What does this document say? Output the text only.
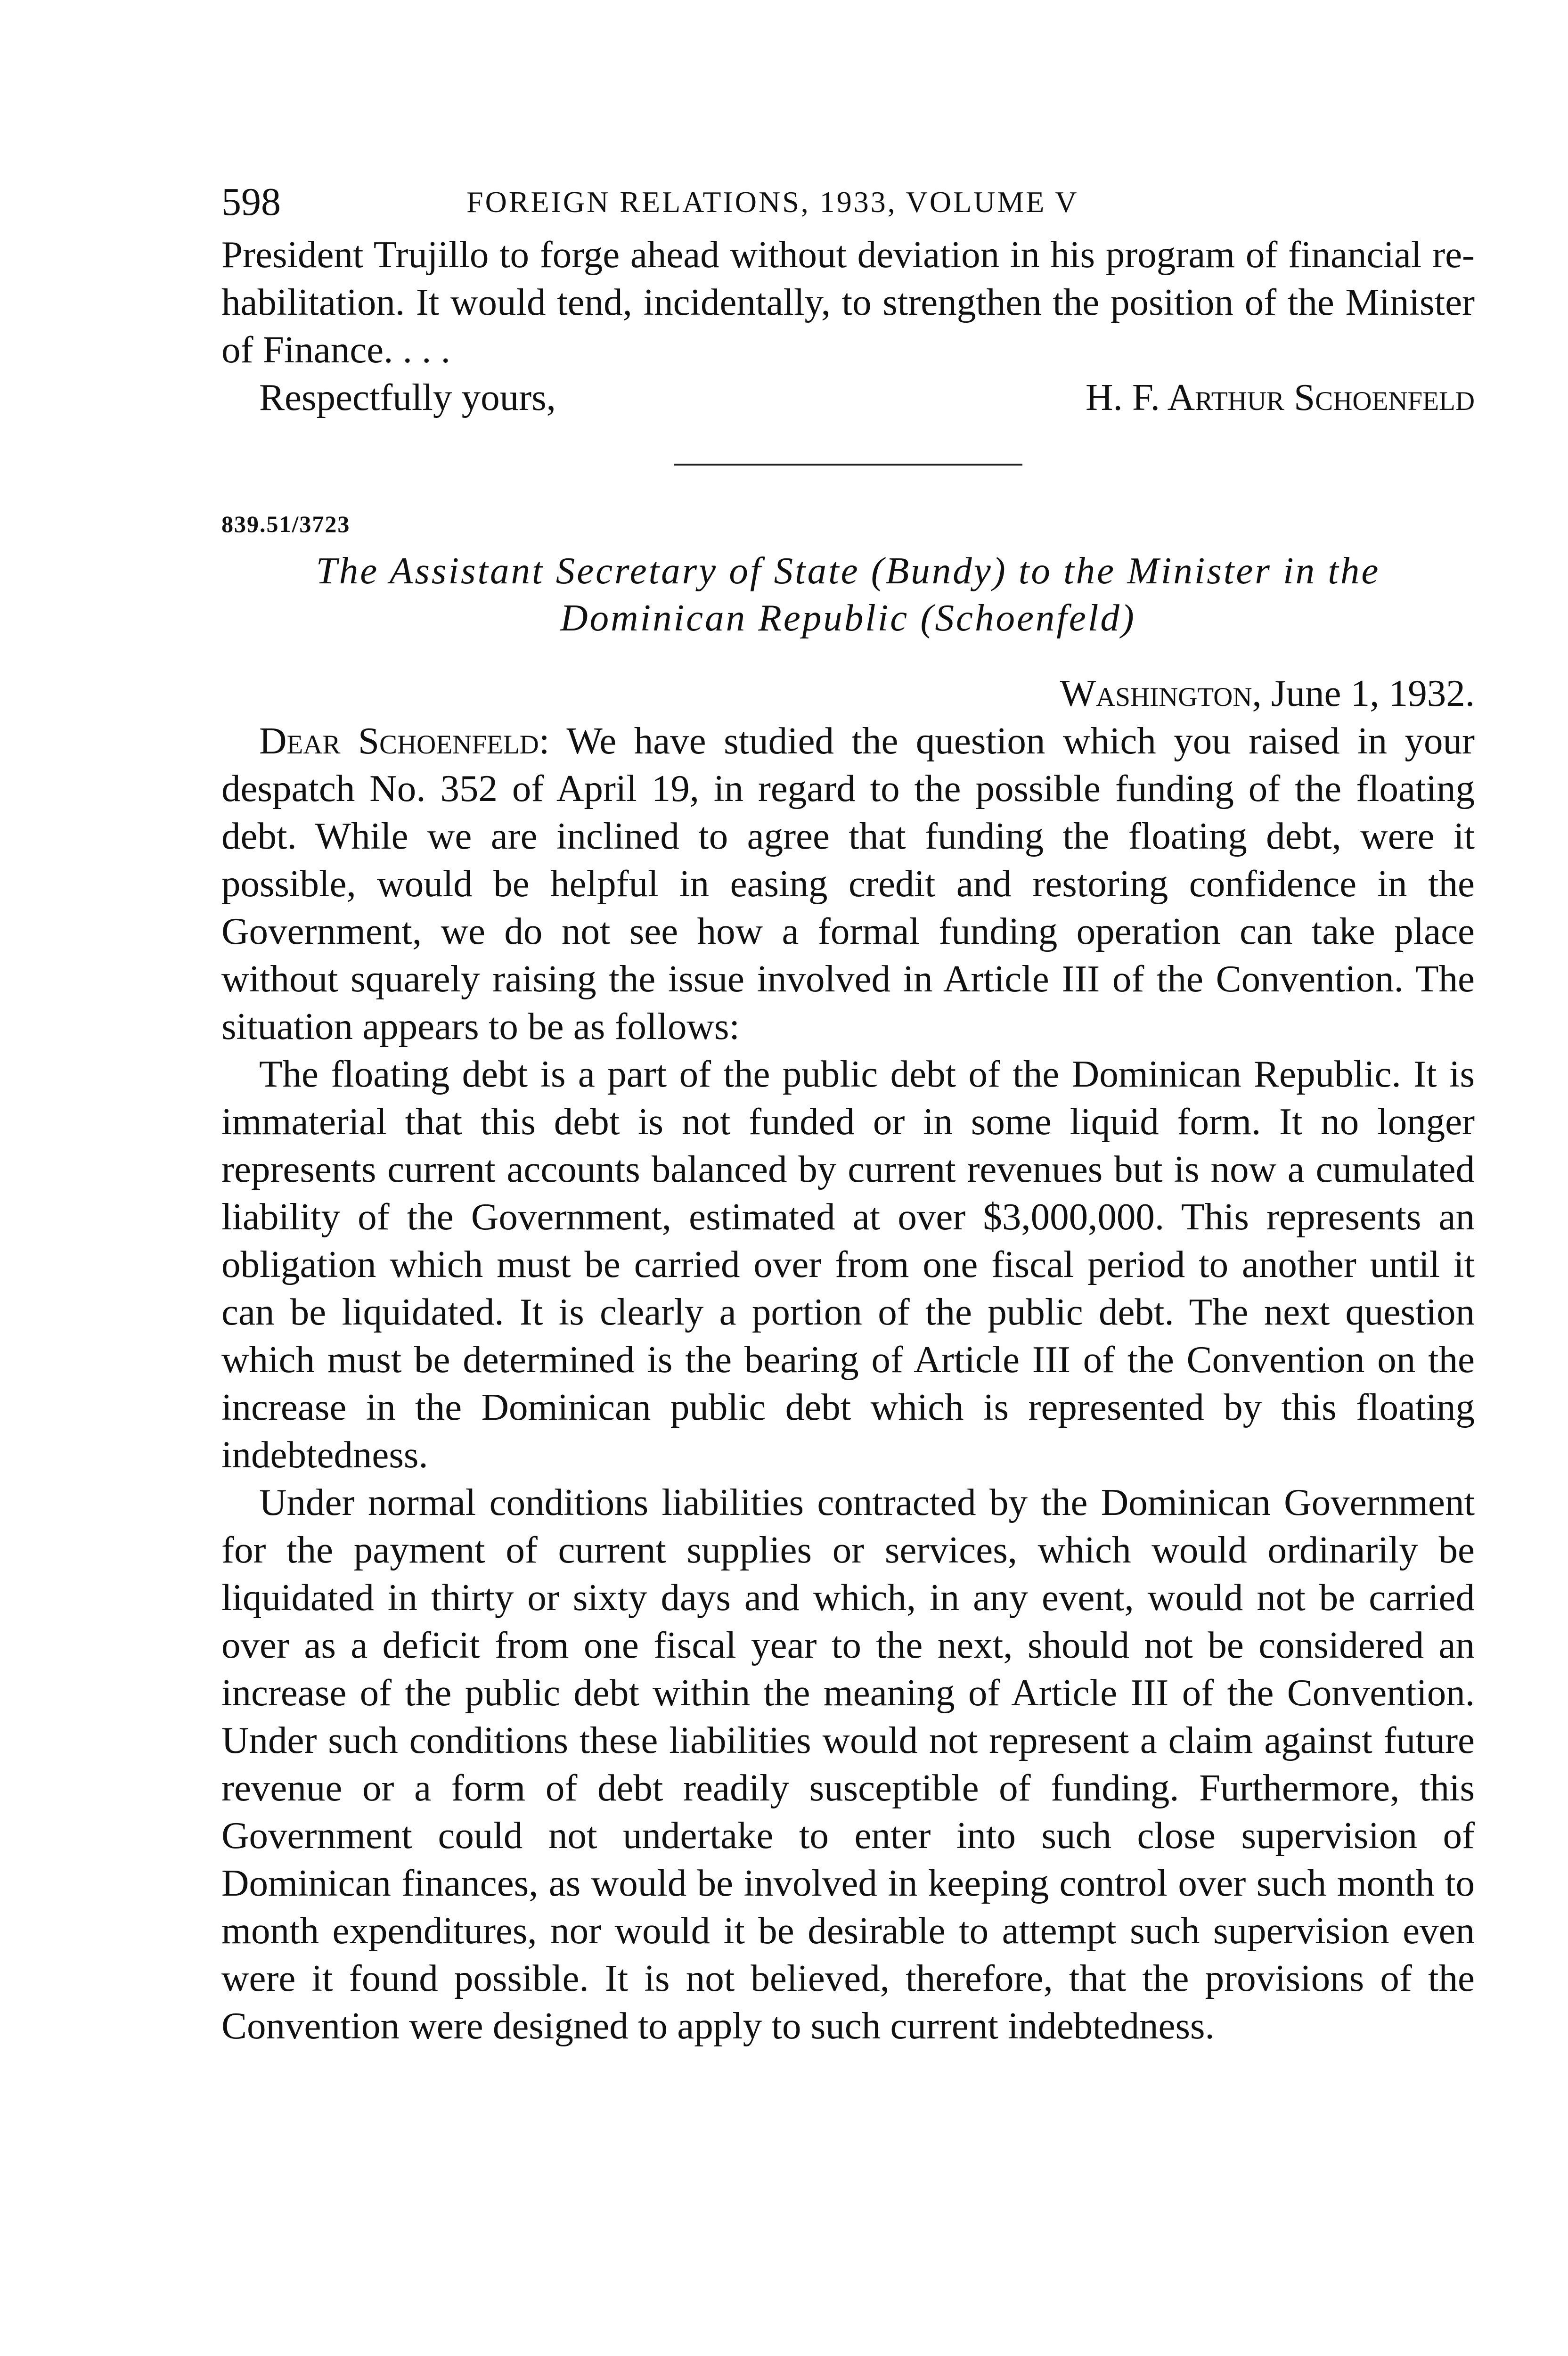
598	FOREIGN RELATIONS, 1933, VOLUME V

President Trujillo to forge ahead without deviation in his program of financial re-habilitation. It would tend, incidentally, to strengthen the position of the Minister of Finance. . . .

Respectfully yours,	H. F. Arthur Schoenfeld
839.51/3723
The Assistant Secretary of State (Bundy) to the Minister in the Dominican Republic (Schoenfeld)
Washington, June 1, 1932.

Dear Schoenfeld: We have studied the question which you raised in your despatch No. 352 of April 19, in regard to the possible funding of the floating debt. While we are inclined to agree that funding the floating debt, were it possible, would be helpful in easing credit and restoring confidence in the Government, we do not see how a formal funding operation can take place without squarely raising the issue involved in Article III of the Convention. The situation appears to be as follows:

The floating debt is a part of the public debt of the Dominican Republic. It is immaterial that this debt is not funded or in some liquid form. It no longer represents current accounts balanced by current revenues but is now a cumulated liability of the Government, estimated at over $3,000,000. This represents an obligation which must be carried over from one fiscal period to another until it can be liquidated. It is clearly a portion of the public debt. The next question which must be determined is the bearing of Article III of the Convention on the increase in the Dominican public debt which is represented by this floating indebtedness.

Under normal conditions liabilities contracted by the Dominican Government for the payment of current supplies or services, which would ordinarily be liquidated in thirty or sixty days and which, in any event, would not be carried over as a deficit from one fiscal year to the next, should not be considered an increase of the public debt within the meaning of Article III of the Convention. Under such conditions these liabilities would not represent a claim against future revenue or a form of debt readily susceptible of funding. Furthermore, this Government could not undertake to enter into such close supervision of Dominican finances, as would be involved in keeping control over such month to month expenditures, nor would it be desirable to attempt such supervision even were it found possible. It is not believed, therefore, that the provisions of the Convention were designed to apply to such current indebtedness.
